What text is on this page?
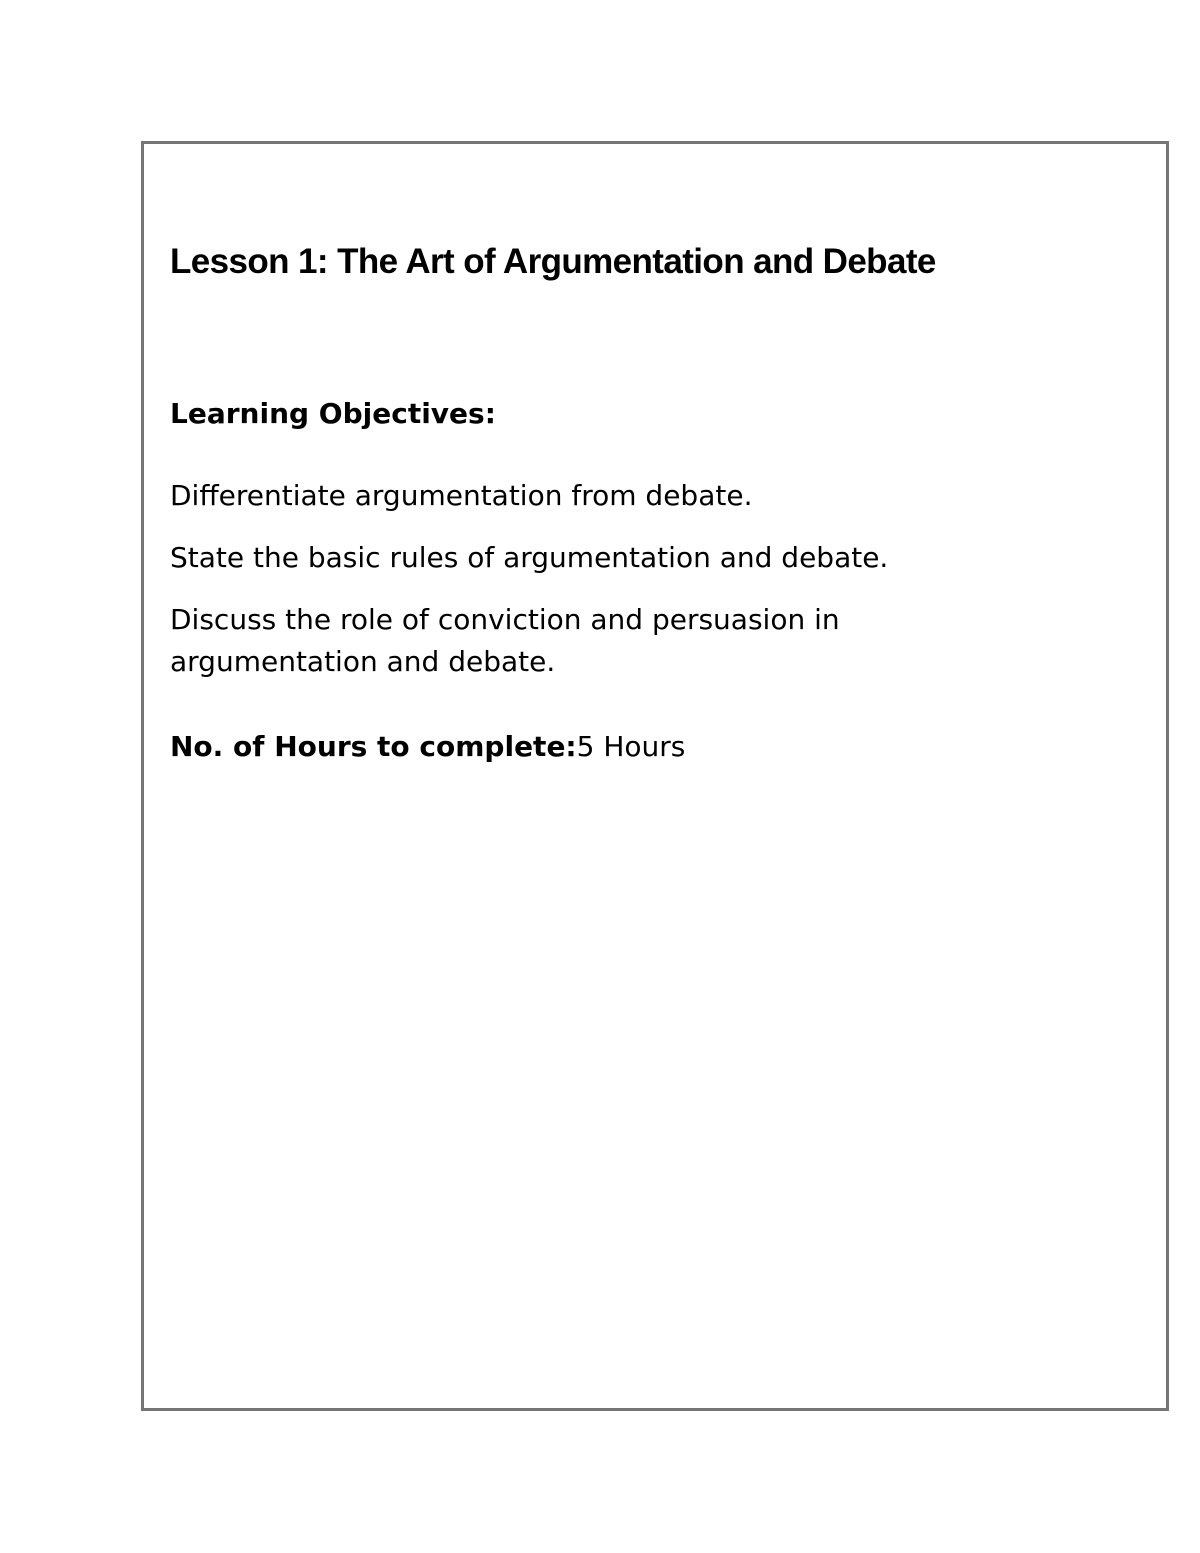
Lesson 1: The Art of Argumentation and Debate
Learning Objectives:
Differentiate argumentation from debate.
State the basic rules of argumentation and debate.
Discuss the role of conviction and persuasion in argumentation and debate.

No. of Hours to complete:5 Hours
